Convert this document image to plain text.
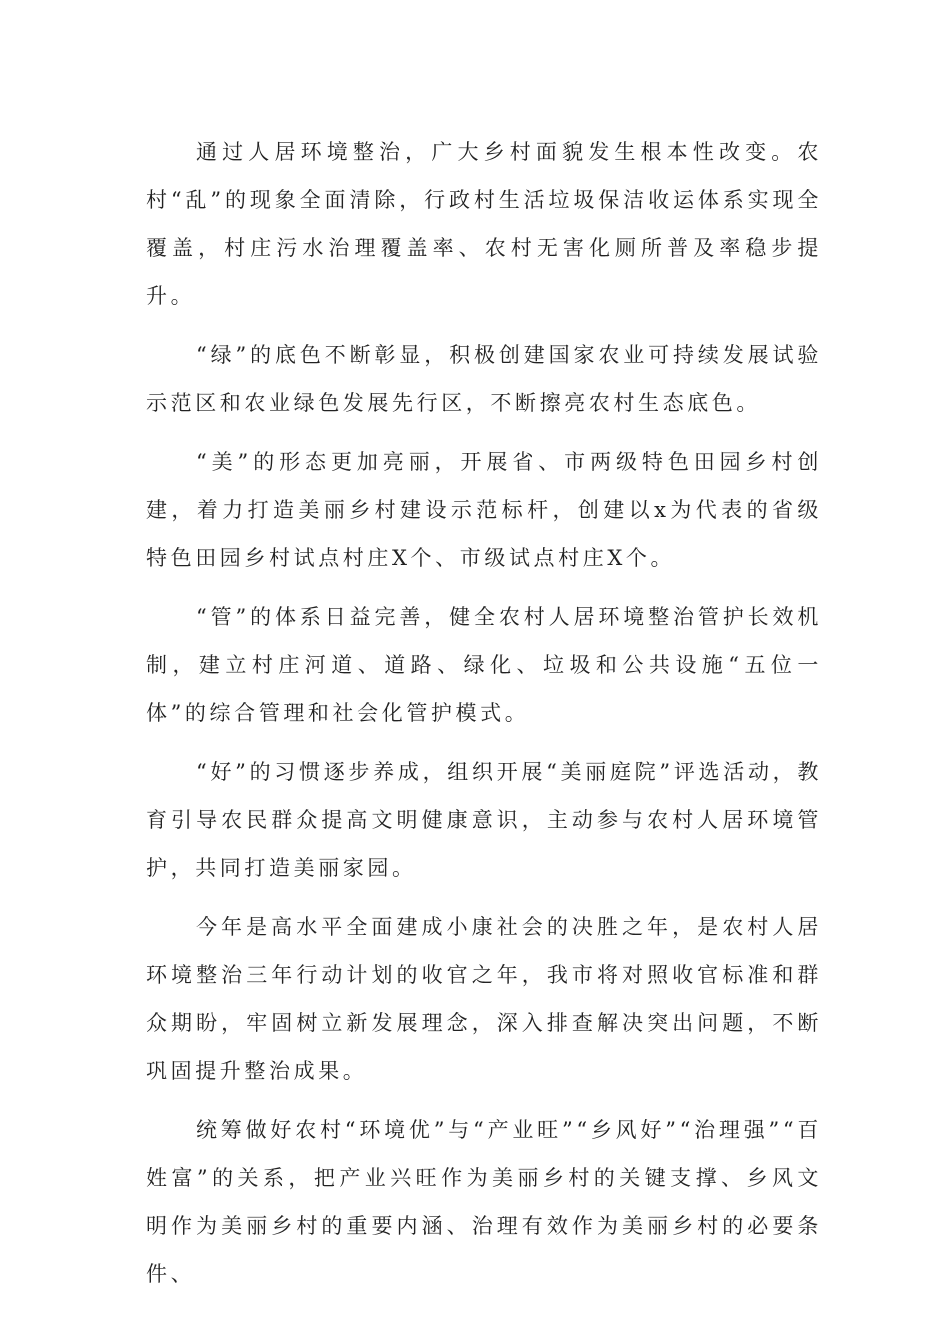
通过人居环境整治，广大乡村面貌发生根本性改变。农村“乱”的现象全面清除，行政村生活垃圾保洁收运体系实现全覆盖，村庄污水治理覆盖率、农村无害化厕所普及率稳步提升。

“绿”的底色不断彰显，积极创建国家农业可持续发展试验示范区和农业绿色发展先行区，不断擦亮农村生态底色。

“美”的形态更加亮丽，开展省、市两级特色田园乡村创建，着力打造美丽乡村建设示范标杆，创建以x为代表的省级特色田园乡村试点村庄X个、市级试点村庄X个。

“管”的体系日益完善，健全农村人居环境整治管护长效机制，建立村庄河道、道路、绿化、垃圾和公共设施“五位一体”的综合管理和社会化管护模式。

“好”的习惯逐步养成，组织开展“美丽庭院”评选活动，教育引导农民群众提高文明健康意识，主动参与农村人居环境管护，共同打造美丽家园。

今年是高水平全面建成小康社会的决胜之年，是农村人居环境整治三年行动计划的收官之年，我市将对照收官标准和群众期盼，牢固树立新发展理念，深入排查解决突出问题，不断巩固提升整治成果。

统筹做好农村“环境优”与“产业旺”“乡风好”“治理强”“百姓富”的关系，把产业兴旺作为美丽乡村的关键支撑、乡风文明作为美丽乡村的重要内涵、治理有效作为美丽乡村的必要条件、
